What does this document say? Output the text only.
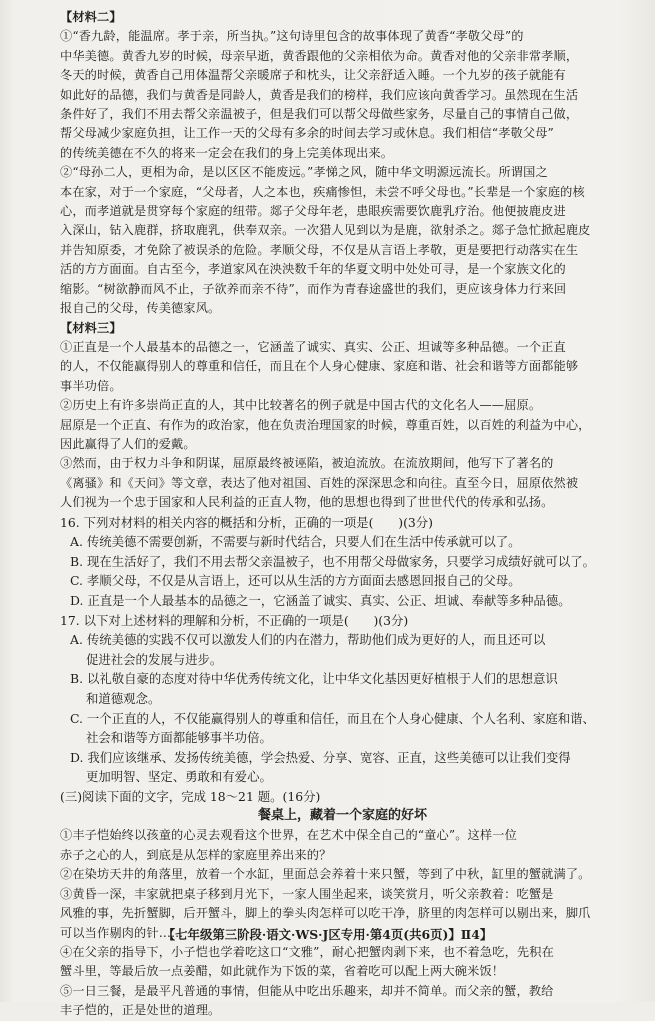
【材料二】
①“香九龄，能温席。孝于亲，所当执。”这句诗里包含的故事体现了黄香“孝敬父母”的
中华美德。黄香九岁的时候，母亲早逝，黄香跟他的父亲相依为命。黄香对他的父亲非常孝顺，
冬天的时候，黄香自己用体温帮父亲暖席子和枕头，让父亲舒适入睡。一个九岁的孩子就能有
如此好的品德，我们与黄香是同龄人，黄香是我们的榜样，我们应该向黄香学习。虽然现在生活
条件好了，我们不用去帮父亲温被子，但是我们可以帮父母做些家务，尽量自己的事情自己做，
帮父母减少家庭负担，让工作一天的父母有多余的时间去学习或休息。我们相信“孝敬父母”
的传统美德在不久的将来一定会在我们的身上完美体现出来。
②“母孙二人，更相为命，是以区区不能废远。”孝悌之风，随中华文明源远流长。所谓国之
本在家，对于一个家庭，“父母者，人之本也，疾痛惨怛，未尝不呼父母也。”长辈是一个家庭的核
心，而孝道就是贯穿每个家庭的纽带。郯子父母年老，患眼疾需要饮鹿乳疗治。他便披鹿皮进
入深山，钻入鹿群，挤取鹿乳，供奉双亲。一次猎人见到以为是鹿，欲射杀之。郯子急忙掀起鹿皮
并告知原委，才免除了被误杀的危险。孝顺父母，不仅是从言语上孝敬，更是要把行动落实在生
活的方方面面。自古至今，孝道家风在泱泱数千年的华夏文明中处处可寻，是一个家族文化的
缩影。“树欲静而风不止，子欲养而亲不待”，而作为青春途盛世的我们，更应该身体力行来回
报自己的父母，传美德家风。
【材料三】
①正直是一个人最基本的品德之一，它涵盖了诚实、真实、公正、坦诚等多种品德。一个正直
的人，不仅能赢得别人的尊重和信任，而且在个人身心健康、家庭和谐、社会和谐等方面都能够
事半功倍。
②历史上有许多崇尚正直的人，其中比较著名的例子就是中国古代的文化名人——屈原。
屈原是一个正直、有作为的政治家，他在负责治理国家的时候，尊重百姓，以百姓的利益为中心，
因此赢得了人们的爱戴。
③然而，由于权力斗争和阴谋，屈原最终被诬陷，被迫流放。在流放期间，他写下了著名的
《离骚》和《天问》等文章，表达了他对祖国、百姓的深深思念和向往。直至今日，屈原依然被
人们视为一个忠于国家和人民利益的正直人物，他的思想也得到了世世代代的传承和弘扬。
16. 下列对材料的相关内容的概括和分析，正确的一项是(　　)(3分)
A. 传统美德不需要创新，不需要与新时代结合，只要人们在生活中传承就可以了。
B. 现在生活好了，我们不用去帮父亲温被子，也不用帮父母做家务，只要学习成绩好就可以了。
C. 孝顺父母，不仅是从言语上，还可以从生活的方方面面去感恩回报自己的父母。
D. 正直是一个人最基本的品德之一，它涵盖了诚实、真实、公正、坦诚、奉献等多种品德。
17. 以下对上述材料的理解和分析，不正确的一项是(　　)(3分)
A. 传统美德的实践不仅可以激发人们的内在潜力，帮助他们成为更好的人，而且还可以
促进社会的发展与进步。
B. 以礼敬自豪的态度对待中华优秀传统文化，让中华文化基因更好植根于人们的思想意识
和道德观念。
C. 一个正直的人，不仅能赢得别人的尊重和信任，而且在个人身心健康、个人名利、家庭和谐、
社会和谐等方面都能够事半功倍。
D. 我们应该继承、发扬传统美德，学会热爱、分享、宽容、正直，这些美德可以让我们变得
更加明智、坚定、勇敢和有爱心。
(三)阅读下面的文字，完成 18～21 题。(16分)
餐桌上，藏着一个家庭的好坏
①丰子恺始终以孩童的心灵去观看这个世界，在艺术中保全自己的“童心”。这样一位
赤子之心的人，到底是从怎样的家庭里养出来的？
②在染坊天井的角落里，放着一个水缸，里面总会养着十来只蟹，等到了中秋，缸里的蟹就满了。
③黄昏一深，丰家就把桌子移到月光下，一家人围坐起来，谈笑赏月，听父亲教着：吃蟹是
风雅的事，先折蟹脚，后开蟹斗，脚上的拳头肉怎样可以吃干净，脐里的肉怎样可以剔出来，脚爪
可以当作剔肉的针……
④在父亲的指导下，小子恺也学着吃这口“文雅”，耐心把蟹肉剥下来，也不着急吃，先积在
蟹斗里，等最后放一点姜醋，如此就作为下饭的菜，省着吃可以配上两大碗米饭！
⑤一日三餐，是最平凡普通的事情，但能从中吃出乐趣来，却并不简单。而父亲的蟹，教给
丰子恺的，正是处世的道理。
【七年级第三阶段·语文·WS·J区专用·第4页(共6页)】Ⅱ4】
